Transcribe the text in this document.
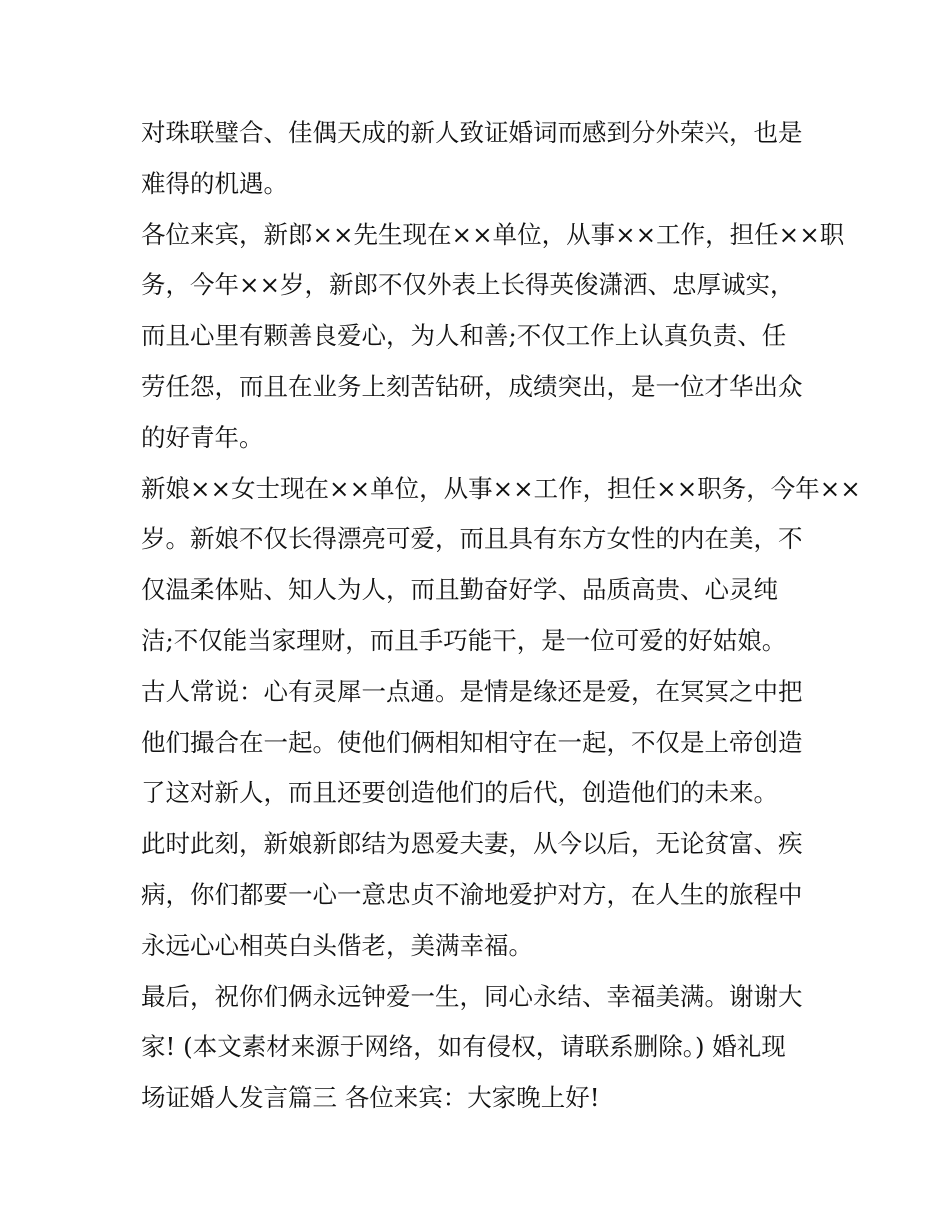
对珠联璧合、佳偶天成的新人致证婚词而感到分外荣兴，也是
难得的机遇。
各位来宾，新郎××先生现在××单位，从事××工作，担任××职
务，今年××岁，新郎不仅外表上长得英俊潇洒、忠厚诚实，
而且心里有颗善良爱心，为人和善;不仅工作上认真负责、任
劳任怨，而且在业务上刻苦钻研，成绩突出，是一位才华出众
的好青年。
新娘××女士现在××单位，从事××工作，担任××职务，今年××
岁。新娘不仅长得漂亮可爱，而且具有东方女性的内在美，不
仅温柔体贴、知人为人，而且勤奋好学、品质高贵、心灵纯
洁;不仅能当家理财，而且手巧能干，是一位可爱的好姑娘。
古人常说：心有灵犀一点通。是情是缘还是爱，在冥冥之中把
他们撮合在一起。使他们俩相知相守在一起，不仅是上帝创造
了这对新人，而且还要创造他们的后代，创造他们的未来。
此时此刻，新娘新郎结为恩爱夫妻，从今以后，无论贫富、疾
病，你们都要一心一意忠贞不渝地爱护对方，在人生的旅程中
永远心心相英白头偕老，美满幸福。
最后，祝你们俩永远钟爱一生，同心永结、幸福美满。谢谢大
家! (本文素材来源于网络，如有侵权，请联系删除。) 婚礼现
场证婚人发言篇三 各位来宾：大家晚上好!
